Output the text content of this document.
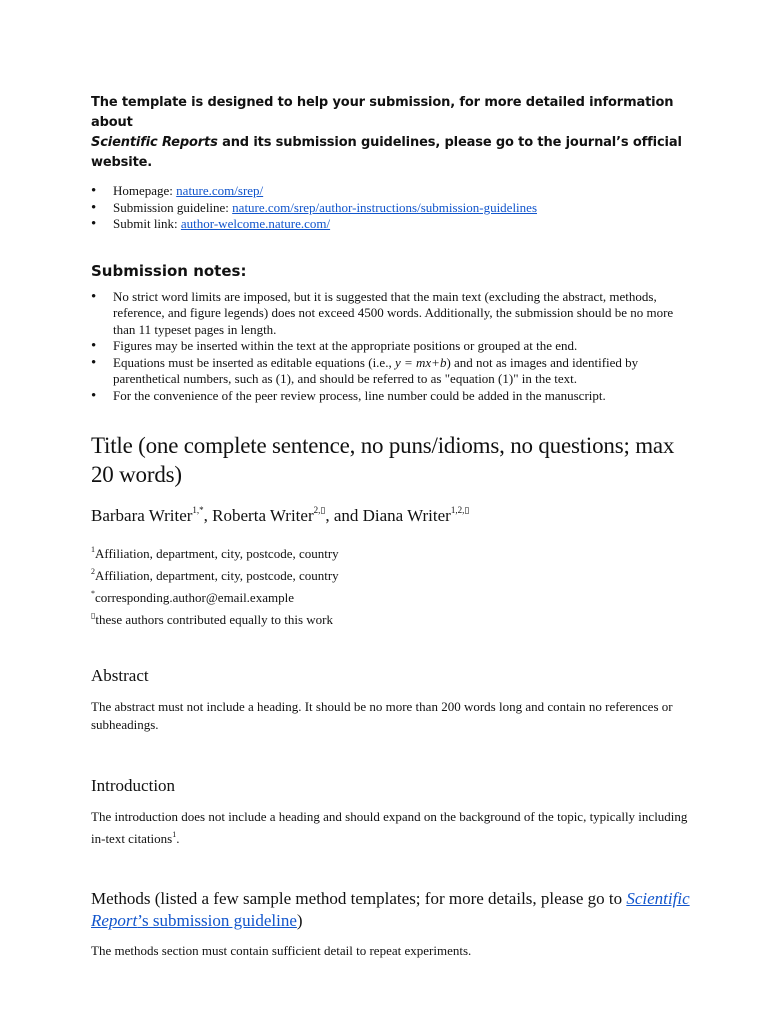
The template is designed to help your submission, for more detailed information about
Scientific Reports and its submission guidelines, please go to the journal’s official website.
• Homepage: nature.com/srep/
• Submission guideline: nature.com/srep/author-instructions/submission-guidelines
• Submit link: author-welcome.nature.com/
Submission notes:
• No strict word limits are imposed, but it is suggested that the main text (excluding the abstract, methods, reference, and figure legends) does not exceed 4500 words. Additionally, the submission should be no more than 11 typeset pages in length.
• Figures may be inserted within the text at the appropriate positions or grouped at the end.
• Equations must be inserted as editable equations (i.e., y = mx+b) and not as images and identified by parenthetical numbers, such as (1), and should be referred to as "equation (1)" in the text.
• For the convenience of the peer review process, line number could be added in the manuscript.
Title (one complete sentence, no puns/idioms, no questions; max 20 words)
Barbara Writer$^{1,*}$, Roberta Writer$^{2,▯}$, and Diana Writer$^{1,2,▯}$
$^1$Affiliation, department, city, postcode, country
$^2$Affiliation, department, city, postcode, country
*corresponding.author@email.example
▯these authors contributed equally to this work
Abstract
The abstract must not include a heading. It should be no more than 200 words long and contain no references or subheadings.
Introduction
The introduction does not include a heading and should expand on the background of the topic, typically including in-text citations$^1$.
Methods (listed a few sample method templates; for more details, please go to Scientific Report’s submission guideline)
The methods section must contain sufficient detail to repeat experiments.
